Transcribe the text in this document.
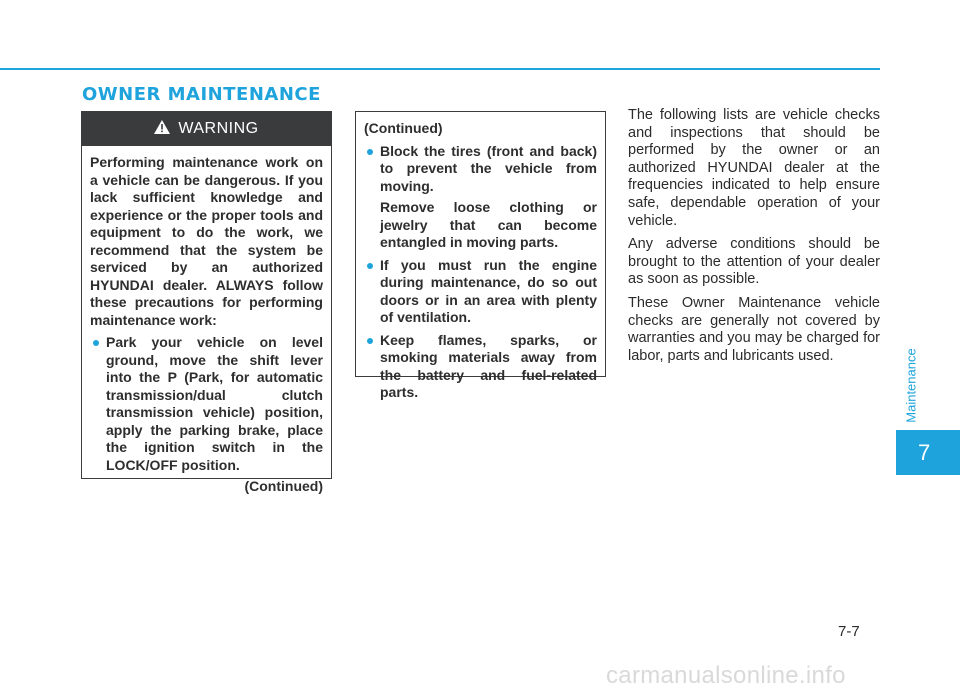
OWNER MAINTENANCE
WARNING

Performing maintenance work on a vehicle can be dangerous. If you lack sufficient knowledge and experience or the proper tools and equipment to do the work, we recommend that the system be serviced by an authorized HYUNDAI dealer. ALWAYS follow these precautions for performing maintenance work:

Park your vehicle on level ground, move the shift lever into the P (Park, for automatic transmission/dual clutch transmission vehicle) position, apply the parking brake, place the ignition switch in the LOCK/OFF position.

(Continued)

(Continued)

Block the tires (front and back) to prevent the vehicle from moving.

Remove loose clothing or jewelry that can become entangled in moving parts.

If you must run the engine during maintenance, do so out doors or in an area with plenty of ventilation.
Keep flames, sparks, or smoking materials away from the battery and fuel-related parts.

The following lists are vehicle checks and inspections that should be performed by the owner or an authorized HYUNDAI dealer at the frequencies indicated to help ensure safe, dependable operation of your vehicle.

Any adverse conditions should be brought to the attention of your dealer as soon as possible.

These Owner Maintenance vehicle checks are generally not covered by warranties and you may be charged for labor, parts and lubricants used.	Maintenance
7
7-7
carmanualsonline.info
